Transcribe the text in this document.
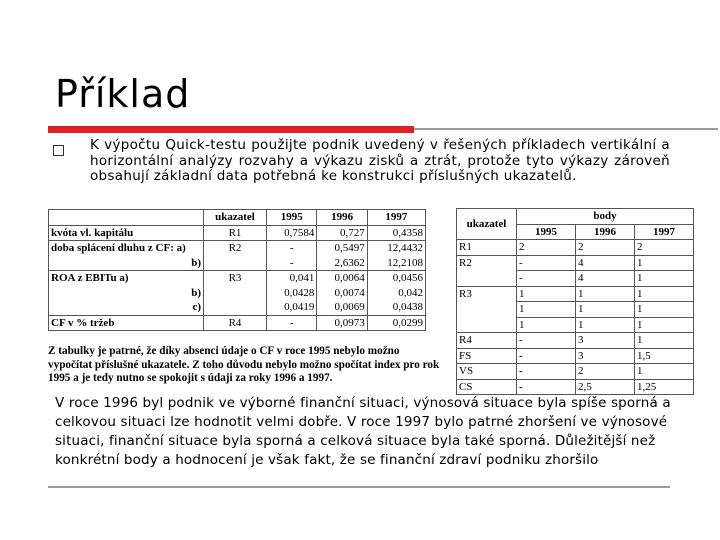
Příklad
K výpočtu Quick-testu použijte podnik uvedený v řešených příkladech vertikální a horizontální analýzy rozvahy a výkazu zisků a ztrát, protože tyto výkazy zároveň obsahují základní data potřebná ke konstrukci příslušných ukazatelů.
	ukazatel	1995	1996	1997
kvóta vl. kapitálu	R1	0,7584	0,727	0,4358
doba splácení dluhu z CF: a)	R2	-	0,5497	12,4432
b)		-	2,6362	12,2108
ROA z EBITu a)	R3	0,041	0,0064	0,0456
b)		0,0428	0,0074	0,042
c)		0,0419	0,0069	0,0438
CF v % tržeb	R4	-	0,0973	0,0299
ukazatel	body		
	1995	1996	1997
R1	2	2	2
R2	-	4	1
	-	4	1
R3	1	1	1
	1	1	1
	1	1	1
R4	-	3	1
FS	-	3	1,5
VS	-	2	1
CS	-	2,5	1,25
Z tabulky je patrné, že díky absenci údaje o CF v roce 1995 nebylo možno vypočítat příslušné ukazatele. Z toho důvodu nebylo možno spočítat index pro rok 1995 a je tedy nutno se spokojit s údaji za roky 1996 a 1997.
V roce 1996 byl podnik ve výborné finanční situaci, výnosová situace byla spíše sporná a celkovou situaci lze hodnotit velmi dobře. V roce 1997 bylo patrné zhoršení ve výnosové situaci, finanční situace byla sporná a celková situace byla také sporná. Důležitější než konkrétní body a hodnocení je však fakt, že se finanční zdraví podniku zhoršilo
